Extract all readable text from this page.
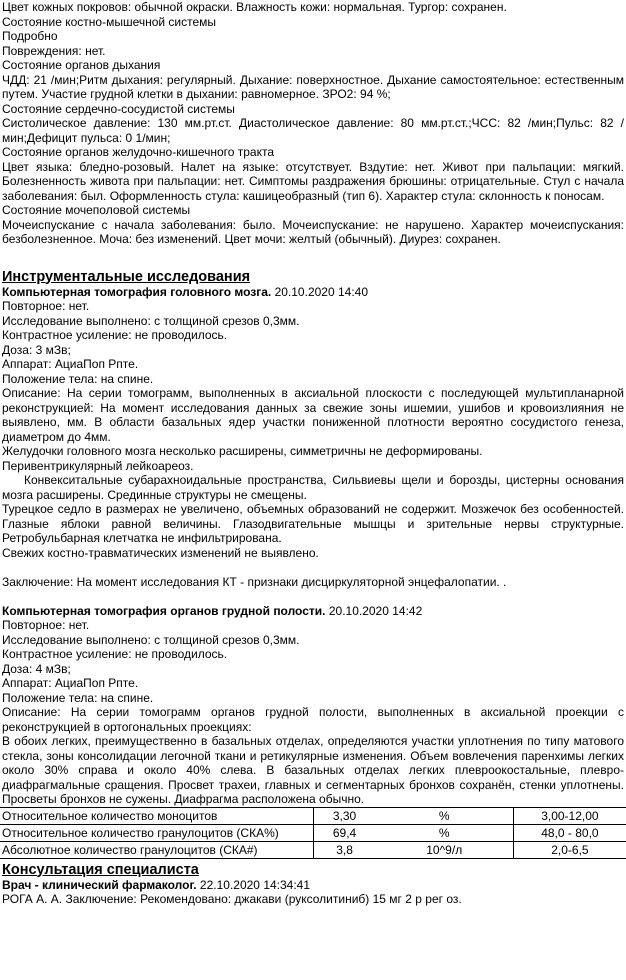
Цвет кожных покровов: обычной окраски. Влажность кожи: нормальная. Тургор: сохранен.

Состояние костно-мышечной системы

Подробно

Повреждения: нет.

Состояние органов дыхания

ЧДД: 21 /мин;Ритм дыхания: регулярный. Дыхание: поверхностное. Дыхание самостоятельное: естественным путем. Участие грудной клетки в дыхании: равномерное. ЗРО2: 94 %;

Состояние сердечно-сосудистой системы

Систолическое давление: 130 мм.рт.ст. Диастолическое давление: 80 мм.рт.ст.;ЧСС: 82 /мин;Пульс: 82 /мин;Дефицит пульса: 0 1/мин;

Состояние органов желудочно-кишечного тракта

Цвет языка: бледно-розовый. Налет на языке: отсутствует. Вздутие: нет. Живот при пальпации: мягкий. Болезненность живота при пальпации: нет. Симптомы раздражения брюшины: отрицательные. Стул с начала заболевания: был. Оформленность стула: кашицеобразный (тип 6). Характер стула: склонность к поносам.

Состояние мочеполовой системы

Мочеиспускание с начала заболевания: было. Мочеиспускание: не нарушено. Характер мочеиспускания: безболезненное. Моча: без изменений. Цвет мочи: желтый (обычный). Диурез: сохранен.

Инструментальные исследования

Компьютерная томография головного мозга. 20.10.2020 14:40

Повторное: нет.

Исследование выполнено: с толщиной срезов 0,3мм.

Контрастное усиление: не проводилось.

Доза: 3 мЗв;

Аппарат: АциаПоп Рпте.

Положение тела: на спине.

Описание: На серии томограмм, выполненных в аксиальной плоскости с последующей мультипланарной реконструкцией: На момент исследования данных за свежие зоны ишемии, ушибов и кровоизлияния не выявлено, мм. В области базальных ядер участки пониженной плотности вероятно сосудистого генеза, диаметром до 4мм.

Желудочки головного мозга несколько расширены, симметричны не деформированы.

Перивентрикулярный лейкоареоз.

Конвекситальные субарахноидальные пространства, Сильвиевы щели и борозды, цистерны основания мозга расширены. Срединные структуры не смещены.

Турецкое седло в размерах не увеличено, объемных образований не содержит. Мозжечок без особенностей. Глазные яблоки равной величины. Глазодвигательные мышцы и зрительные нервы структурные. Ретробульбарная клетчатка не инфильтрирована.

Свежих костно-травматических изменений не выявлено.

Заключение: На момент исследования КТ - признаки дисциркуляторной энцефалопатии. .

Компьютерная томография органов грудной полости. 20.10.2020 14:42

Повторное: нет.

Исследование выполнено: с толщиной срезов 0,3мм.

Контрастное усиление: не проводилось.

Доза: 4 мЗв;

Аппарат: АциаПоп Рпте.

Положение тела: на спине.

Описание: На серии томограмм органов грудной полости, выполненных в аксиальной проекции с реконструкцией в ортогональных проекциях:

В обоих легких, преимущественно в базальных отделах, определяются участки уплотнения по типу матового стекла, зоны консолидации легочной ткани и ретикулярные изменения. Объем вовлечения паренхимы легких около 30% справа и около 40% слева. В базальных отделах легких плевроокостальные, плевро-диафрагмальные сращения. Просвет трахеи, главных и сегментарных бронхов сохранён, стенки уплотнены. Просветы бронхов не сужены. Диафрагма расположена обычно.

Относительное количество моноцитов	3,30	%	3,00-12,00
Относительное количество гранулоцитов (СКА%)	69,4	%	48,0 - 80,0
Абсолютное количество гранулоцитов (СКА#)	3,8	10^9/л	2,0-6,5

Консультация специалиста

Врач - клинический фармаколог. 22.10.2020 14:34:41

РОГА А. А. Заключение: Рекомендовано: джакави (руксолитиниб) 15 мг 2 р рег оз.
